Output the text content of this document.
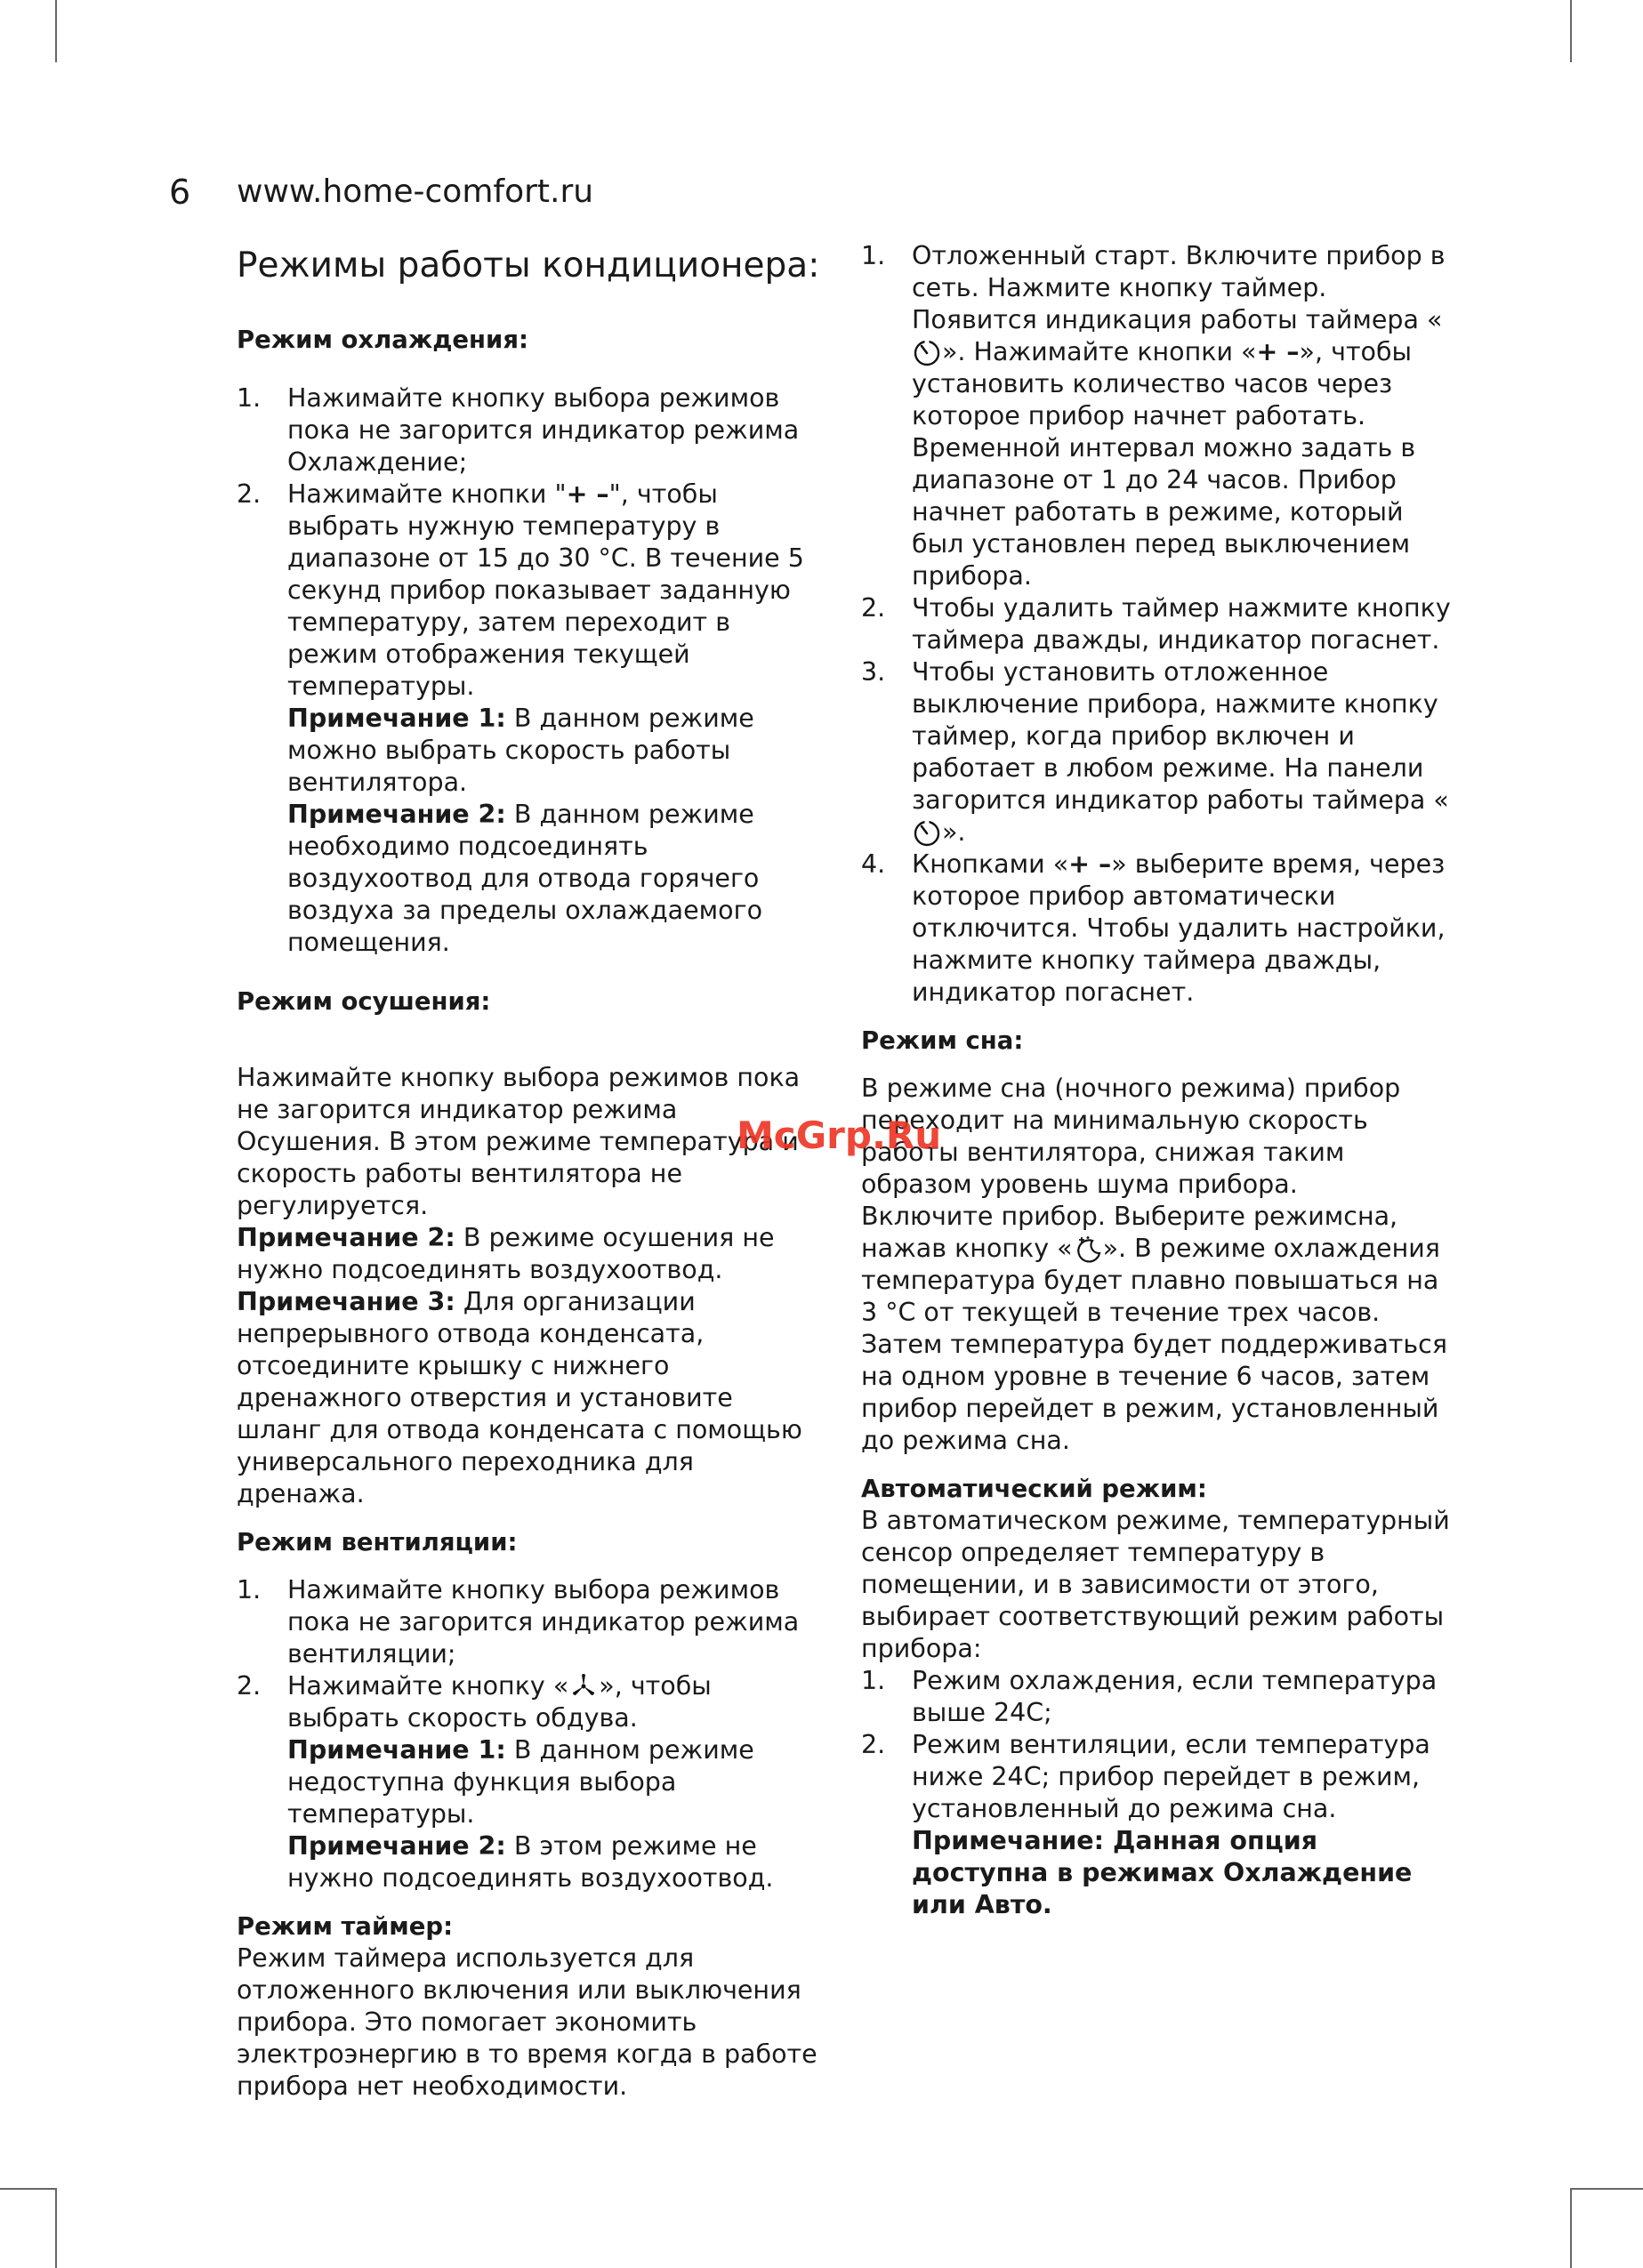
6 www.home-comfort.ru
Режимы работы кондиционера:
Режим охлаждения:
1. Нажимайте кнопку выбора режимов пока не загорится индикатор режима Охлаждение;
2. Нажимайте кнопки "+ –", чтобы выбрать нужную температуру в диапазоне от 15 до 30 °C. В течение 5 секунд прибор показывает заданную температуру, затем переходит в режим отображения текущей температуры.
Примечание 1: В данном режиме можно выбрать скорость работы вентилятора.
Примечание 2: В данном режиме необходимо подсоединять воздухоотвод для отвода горячего воздуха за пределы охлаждаемого помещения.
Режим осушения:
Нажимайте кнопку выбора режимов пока не загорится индикатор режима Осушения. В этом режиме температура и скорость работы вентилятора не регулируется.
Примечание 2: В режиме осушения не нужно подсоединять воздухоотвод.
Примечание 3: Для организации непрерывного отвода конденсата, отсоедините крышку с нижнего дренажного отверстия и установите шланг для отвода конденсата с помощью универсального переходника для дренажа.
Режим вентиляции:
1. Нажимайте кнопку выбора режимов пока не загорится индикатор режима вентиляции;
2. Нажимайте кнопку « », чтобы выбрать скорость обдува.
Примечание 1: В данном режиме недоступна функция выбора температуры.
Примечание 2: В этом режиме не нужно подсоединять воздухоотвод.
Режим таймер:

Режим таймера используется для отложенного включения или выключения прибора. Это помогает экономить электроэнергию в то время когда в работе прибора нет необходимости.

1. Отложенный старт. Включите прибор в сеть. Нажмите кнопку таймер. Появится индикация работы таймера «
». Нажимайте кнопки «+ –», чтобы установить количество часов через которое прибор начнет работать. Временной интервал можно задать в диапазоне от 1 до 24 часов. Прибор начнет работать в режиме, который был установлен перед выключением прибора.
2. Чтобы удалить таймер нажмите кнопку таймера дважды, индикатор погаснет.
3. Чтобы установить отложенное выключение прибора, нажмите кнопку таймер, когда прибор включен и работает в любом режиме. На панели загорится индикатор работы таймера «
».
4. Кнопками «+ –» выберите время, через которое прибор автоматически отключится. Чтобы удалить настройки, нажмите кнопку таймера дважды, индикатор погаснет.
Режим сна:
В режиме сна (ночного режима) прибор переходит на минимальную скорость работы вентилятора, снижая таким образом уровень шума прибора.
Включите прибор. Выберите режимсна, нажав кнопку « ». В режиме охлаждения температура будет плавно повышаться на 3 °C от текущей в течение трех часов. Затем температура будет поддерживаться на одном уровне в течение 6 часов, затем прибор перейдет в режим, установленный до режима сна.
Автоматический режим:

В автоматическом режиме, температурный сенсор определяет температуру в помещении, и в зависимости от этого, выбирает соответствующий режим работы прибора:

1. Режим охлаждения, если температура выше 24С;
2. Режим вентиляции, если температура ниже 24С; прибор перейдет в режим, установленный до режима сна.

Примечание: Данная опция доступна в режимах Охлаждение или Авто.

McGrp.Ru
